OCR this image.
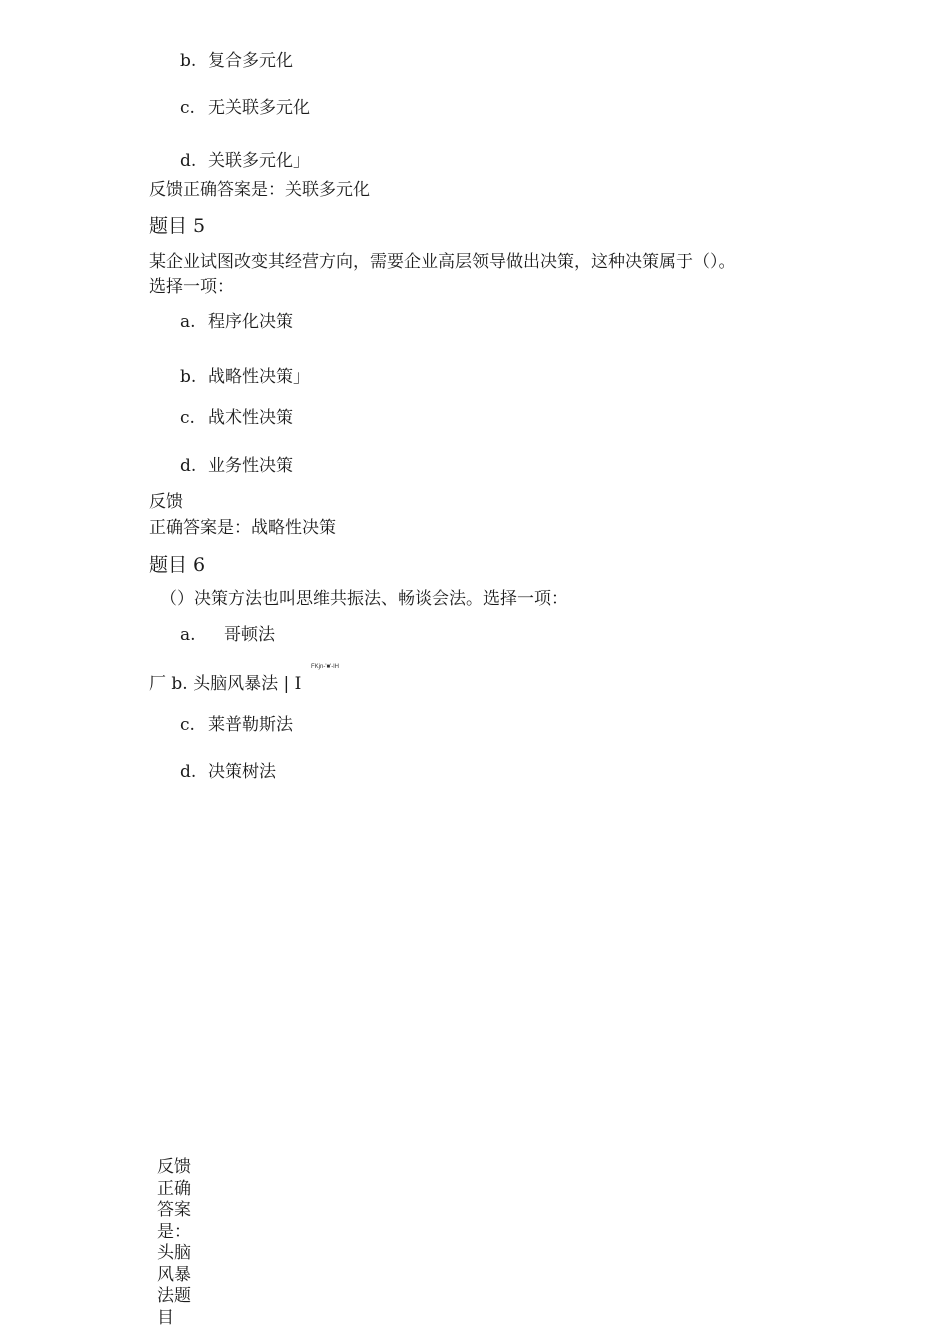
b. 复合多元化
c. 无关联多元化
d. 关联多元化」
反馈正确答案是：关联多元化
题目 5
某企业试图改变其经营方向，需要企业高层领导做出决策，这种决策属于（）。
选择一项：
a. 程序化决策
b. 战略性决策」
c. 战术性决策
d. 业务性决策
反馈
正确答案是：战略性决策
题目 6
（）决策方法也叫思维共振法、畅谈会法。选择一项：
a. 哥顿法
FKjn-'■'-lH
厂 b. 头脑风暴法 | I
c. 莱普勒斯法
d. 决策树法
反馈正确答案是：头脑风暴法题目
